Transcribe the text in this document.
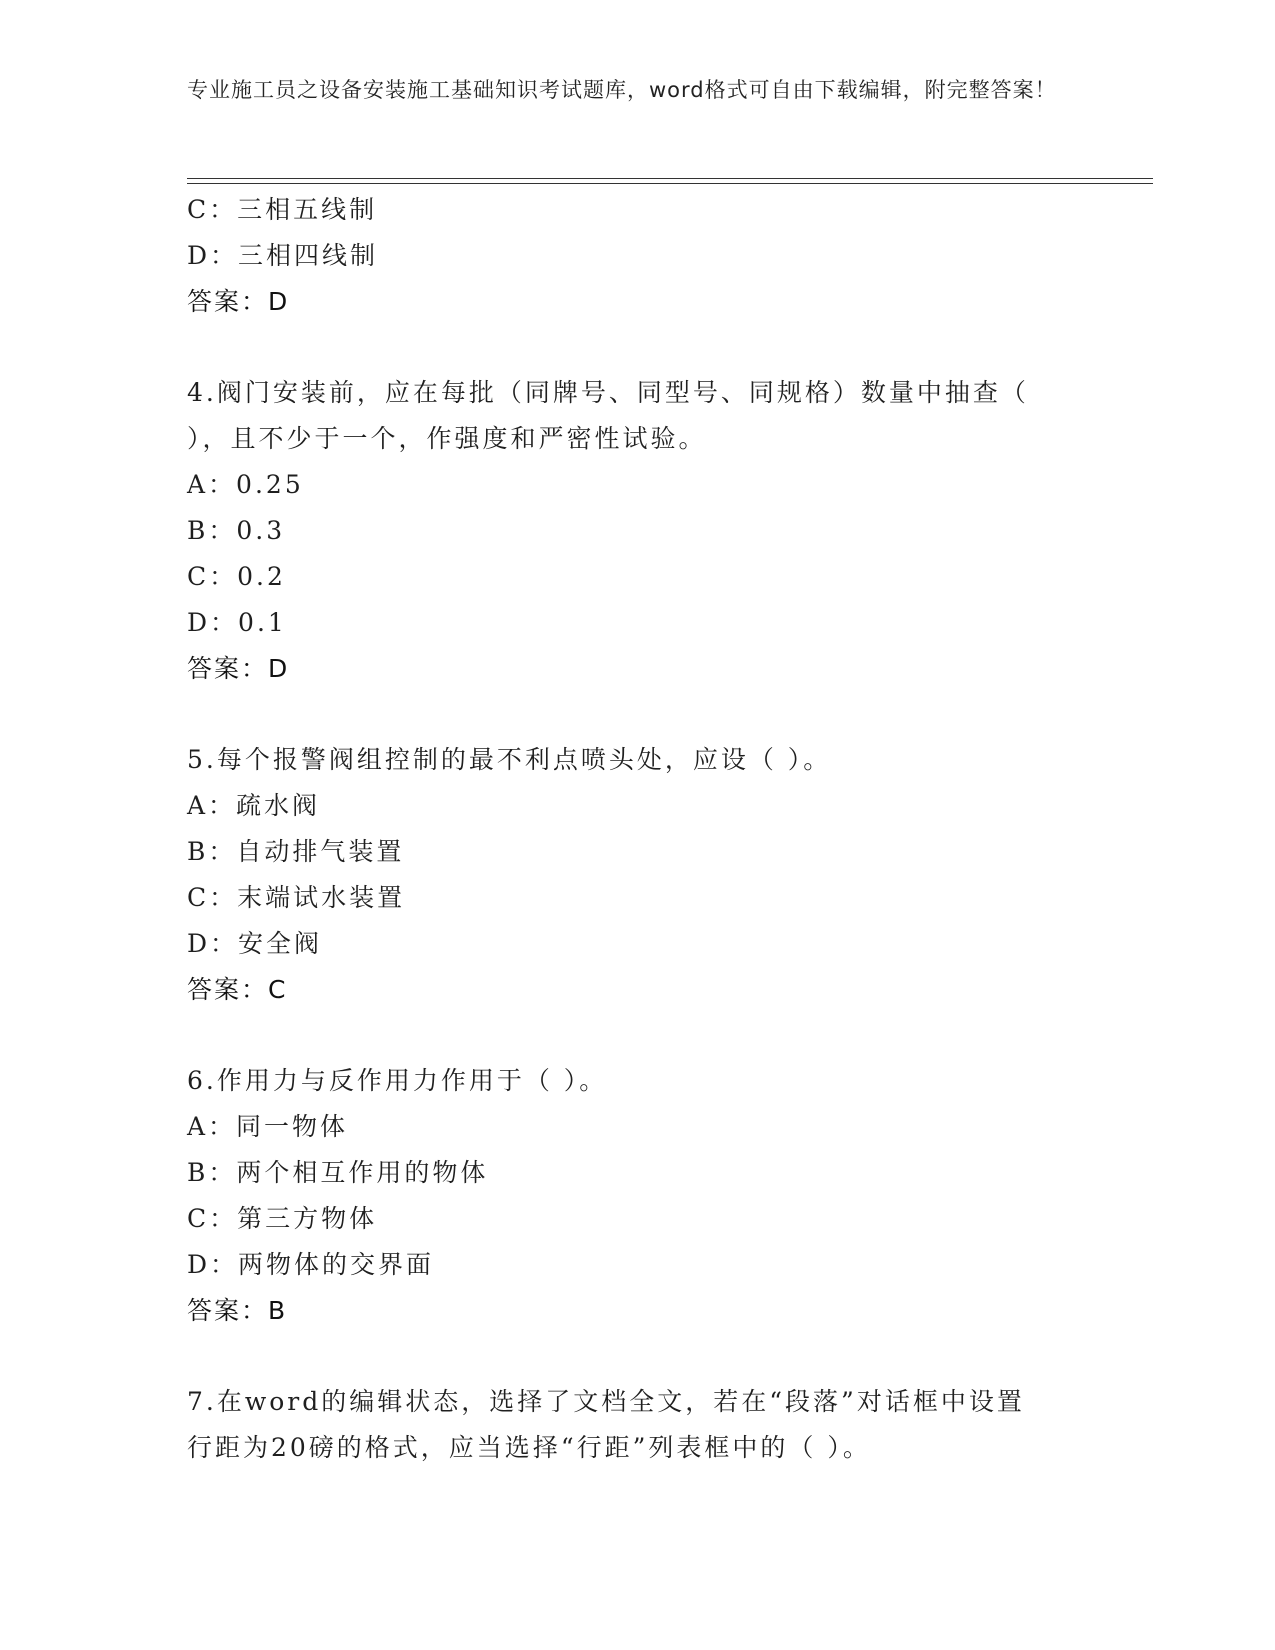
专业施工员之设备安装施工基础知识考试题库，word格式可自由下载编辑，附完整答案！
C：三相五线制
D：三相四线制
答案：D
4.阀门安装前，应在每批（同牌号、同型号、同规格）数量中抽查（
），且不少于一个，作强度和严密性试验。
A：0.25
B：0.3
C：0.2
D：0.1
答案：D
5.每个报警阀组控制的最不利点喷头处，应设（ ）。
A：疏水阀
B：自动排气装置
C：末端试水装置
D：安全阀
答案：C
6.作用力与反作用力作用于（ ）。
A：同一物体
B：两个相互作用的物体
C：第三方物体
D：两物体的交界面
答案：B
7.在word的编辑状态，选择了文档全文，若在“段落”对话框中设置
行距为20磅的格式，应当选择“行距”列表框中的（ ）。
